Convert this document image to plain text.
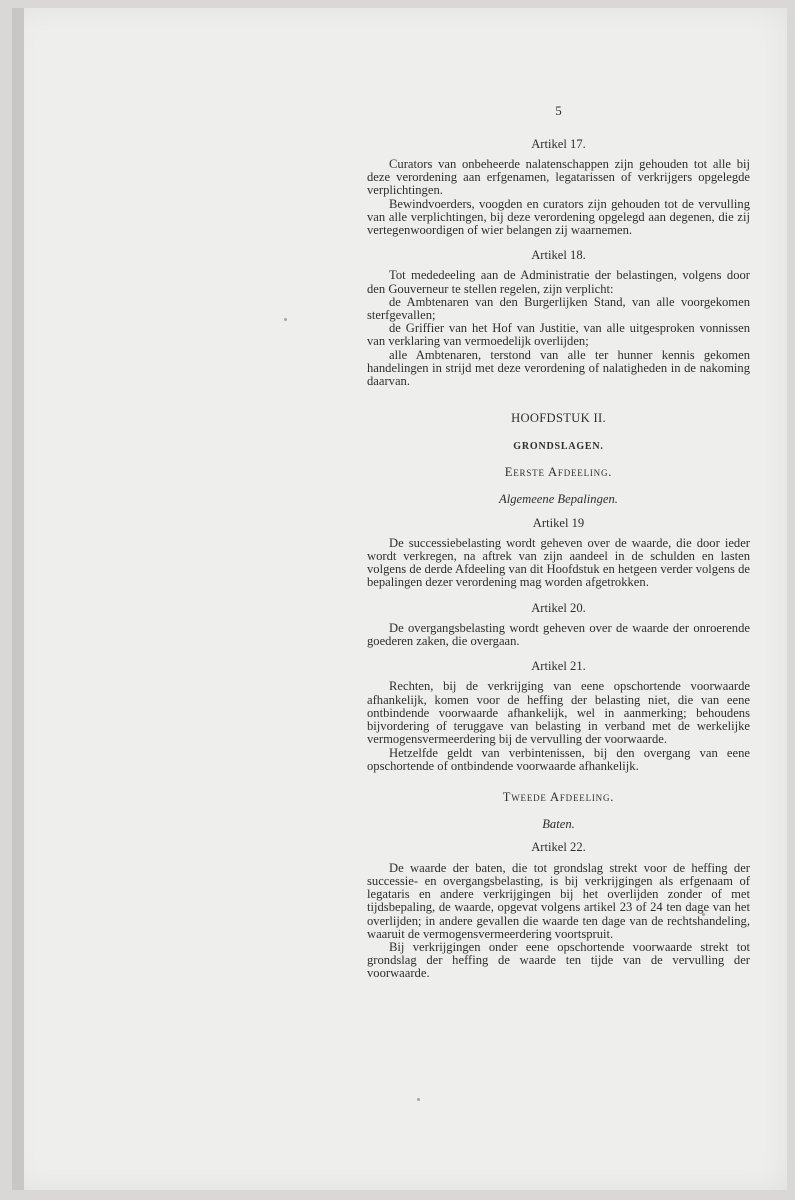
5
Artikel 17.

Curators van onbeheerde nalatenschappen zijn gehouden tot alle bij deze verordening aan erfgenamen, legatarissen of verkrijgers opgelegde verplichtingen.

Bewindvoerders, voogden en curators zijn gehouden tot de vervulling van alle verplichtingen, bij deze verordening opgelegd aan degenen, die zij vertegenwoordigen of wier belangen zij waarnemen.

Artikel 18.

Tot mededeeling aan de Administratie der belastingen, volgens door den Gouverneur te stellen regelen, zijn verplicht:

de Ambtenaren van den Burgerlijken Stand, van alle voorgekomen sterfgevallen;

de Griffier van het Hof van Justitie, van alle uitgesproken vonnissen van verklaring van vermoedelijk overlijden;

alle Ambtenaren, terstond van alle ter hunner kennis gekomen handelingen in strijd met deze verordening of nalatigheden in de nakoming daarvan.

HOOFDSTUK II.
GRONDSLAGEN.
Eerste Afdeeling.
Algemeene Bepalingen.
Artikel 19

De successiebelasting wordt geheven over de waarde, die door ieder wordt verkregen, na aftrek van zijn aandeel in de schulden en lasten volgens de derde Afdeeling van dit Hoofdstuk en hetgeen verder volgens de bepalingen dezer verordening mag worden afgetrokken.

Artikel 20.

De overgangsbelasting wordt geheven over de waarde der onroerende goederen zaken, die overgaan.

Artikel 21.

Rechten, bij de verkrijging van eene opschortende voorwaarde afhankelijk, komen voor de heffing der belasting niet, die van eene ontbindende voorwaarde afhankelijk, wel in aanmerking; behoudens bijvordering of teruggave van belasting in verband met de werkelijke vermogensvermeerdering bij de vervulling der voorwaarde.

Hetzelfde geldt van verbintenissen, bij den overgang van eene opschortende of ontbindende voorwaarde afhankelijk.

Tweede Afdeeling.
Baten.
Artikel 22.

De waarde der baten, die tot grondslag strekt voor de heffing der successie- en overgangsbelasting, is bij verkrijgingen als erfgenaam of legataris en andere verkrijgingen bij het overlijden zonder of met tijdsbepaling, de waarde, opgevat volgens artikel 23 of 24 ten dage van het overlijden; in andere gevallen die waarde ten dage van de rechtshandeling, waaruit de vermogensvermeerdering voortspruit.

Bij verkrijgingen onder eene opschortende voorwaarde strekt tot grondslag der heffing de waarde ten tijde van de vervulling der voorwaarde.
